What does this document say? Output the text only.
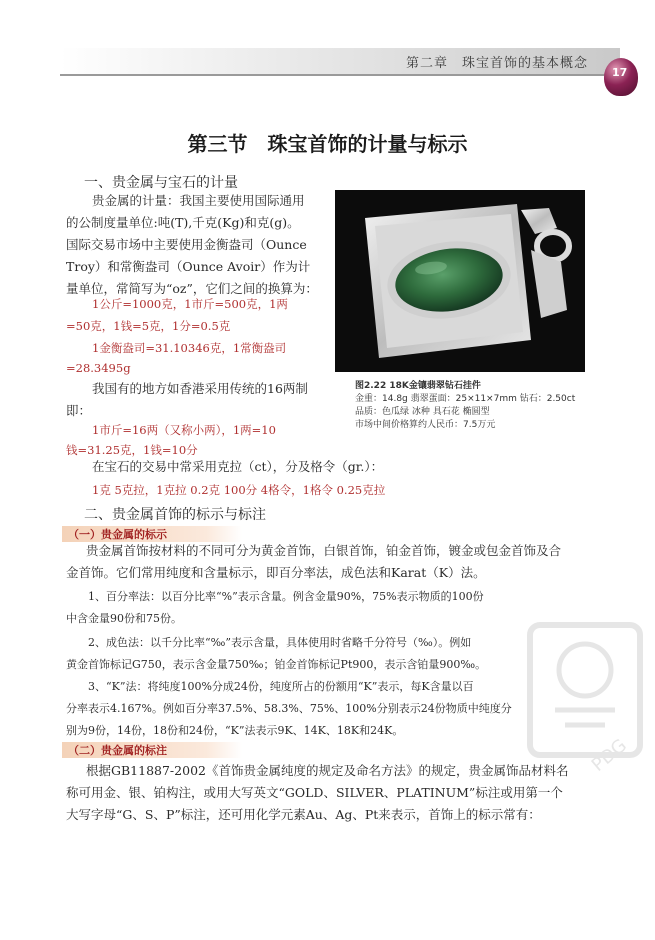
第二章　珠宝首饰的基本概念
17
第三节　珠宝首饰的计量与标示
一、贵金属与宝石的计量
贵金属的计量：我国主要使用国际通用
的公制度量单位:吨(T),千克(Kg)和克(g)。
国际交易市场中主要使用金衡盎司（Ounce
Troy）和常衡盎司（Ounce Avoir）作为计
量单位，常简写为“oz”，它们之间的换算为：
1公斤=1000克，1市斤=500克，1两
=50克，1钱=5克，1分=0.5克
1金衡盎司=31.10346克，1常衡盎司
=28.3495g
我国有的地方如香港采用传统的16两制
即：
1市斤=16两（又称小两），1两=10
钱=31.25克，1钱=10分
在宝石的交易中常采用克拉（ct），分及格令（gr.）：
1克 5克拉，1克拉 0.2克 100分 4格令，1格令 0.25克拉
图2.22 18K金镶翡翠钻石挂件
金重：14.8g 翡翠蛋面：25×11×7mm 钻石：2.50ct
品质：色瓜绿 冰种 具石花 椭圆型
市场中间价格算约人民币：7.5万元
二、贵金属首饰的标示与标注
（一）贵金属的标示
贵金属首饰按材料的不同可分为黄金首饰，白银首饰，铂金首饰，镀金或包金首饰及合
金首饰。它们常用纯度和含量标示，即百分率法，成色法和Karat（K）法。
1、百分率法：以百分比率“%”表示含量。例含金量90%，75%表示物质的100份
中含金量90份和75份。
2、成色法：以千分比率“‰”表示含量，具体使用时省略千分符号（‰）。例如
黄金首饰标记G750，表示含金量750‰；铂金首饰标记Pt900，表示含铂量900‰。
3、“K”法：将纯度100%分成24份，纯度所占的份额用“K”表示，每K含量以百
分率表示4.167%。例如百分率37.5%、58.3%、75%、100%分别表示24份物质中纯度分
别为9份，14份，18份和24份，“K”法表示9K、14K、18K和24K。
（二）贵金属的标注
根据GB11887-2002《首饰贵金属纯度的规定及命名方法》的规定，贵金属饰品材料名
称可用金、银、铂构注，或用大写英文“GOLD、SILVER、PLATINUM”标注或用第一个
大写字母“G、S、P”标注，还可用化学元素Au、Ag、Pt来表示，首饰上的标示常有：
PDG
